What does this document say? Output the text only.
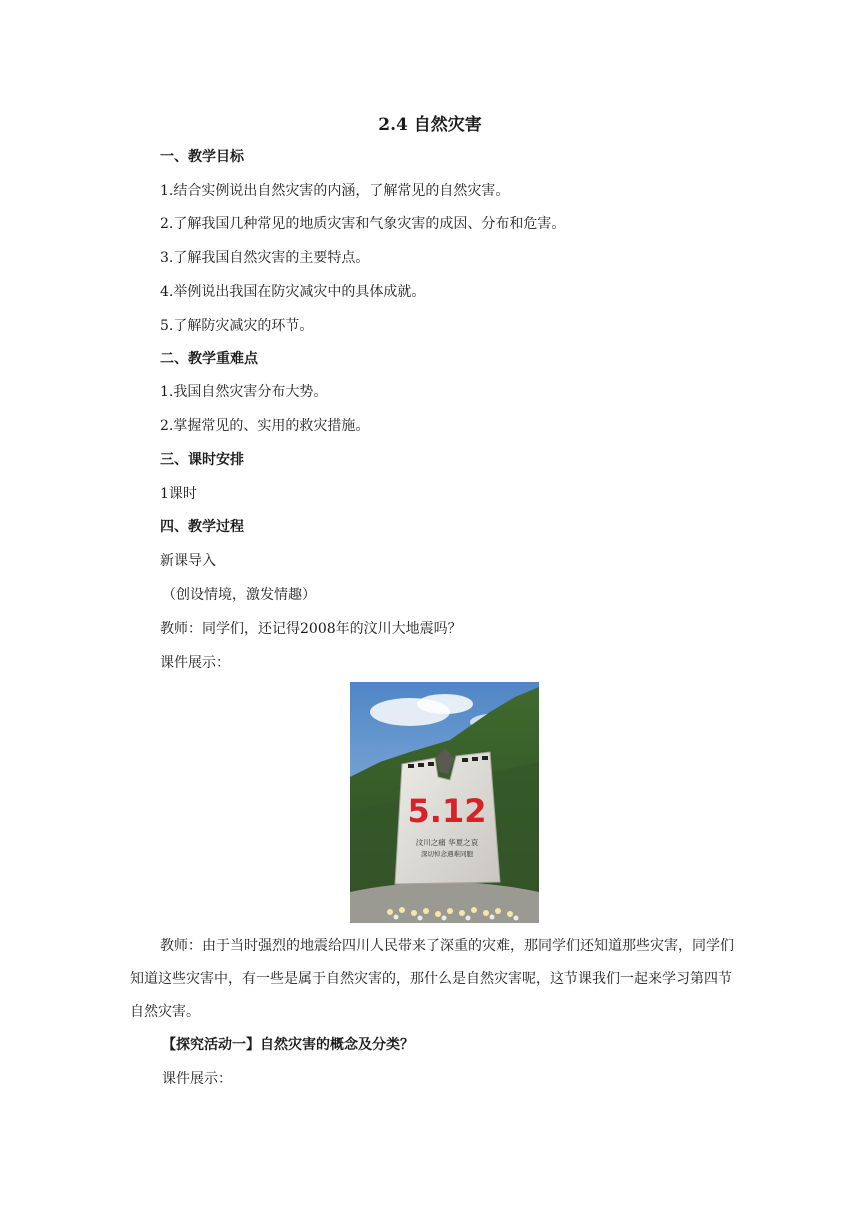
2.4 自然灾害
一、教学目标
1.结合实例说出自然灾害的内涵，了解常见的自然灾害。
2.了解我国几种常见的地质灾害和气象灾害的成因、分布和危害。
3.了解我国自然灾害的主要特点。
4.举例说出我国在防灾减灾中的具体成就。
5.了解防灾减灾的环节。
二、教学重难点
1.我国自然灾害分布大势。
2.掌握常见的、实用的救灾措施。
三、课时安排
1课时
四、教学过程
新课导入
（创设情境，激发情趣）
教师：同学们，还记得2008年的汶川大地震吗？
课件展示：
5.12
汶川之痛 华夏之哀
深切悼念遇难同胞
教师：由于当时强烈的地震给四川人民带来了深重的灾难，那同学们还知道那些灾害，同学们知道这些灾害中，有一些是属于自然灾害的，那什么是自然灾害呢，这节课我们一起来学习第四节自然灾害。
【探究活动一】自然灾害的概念及分类？
课件展示：
